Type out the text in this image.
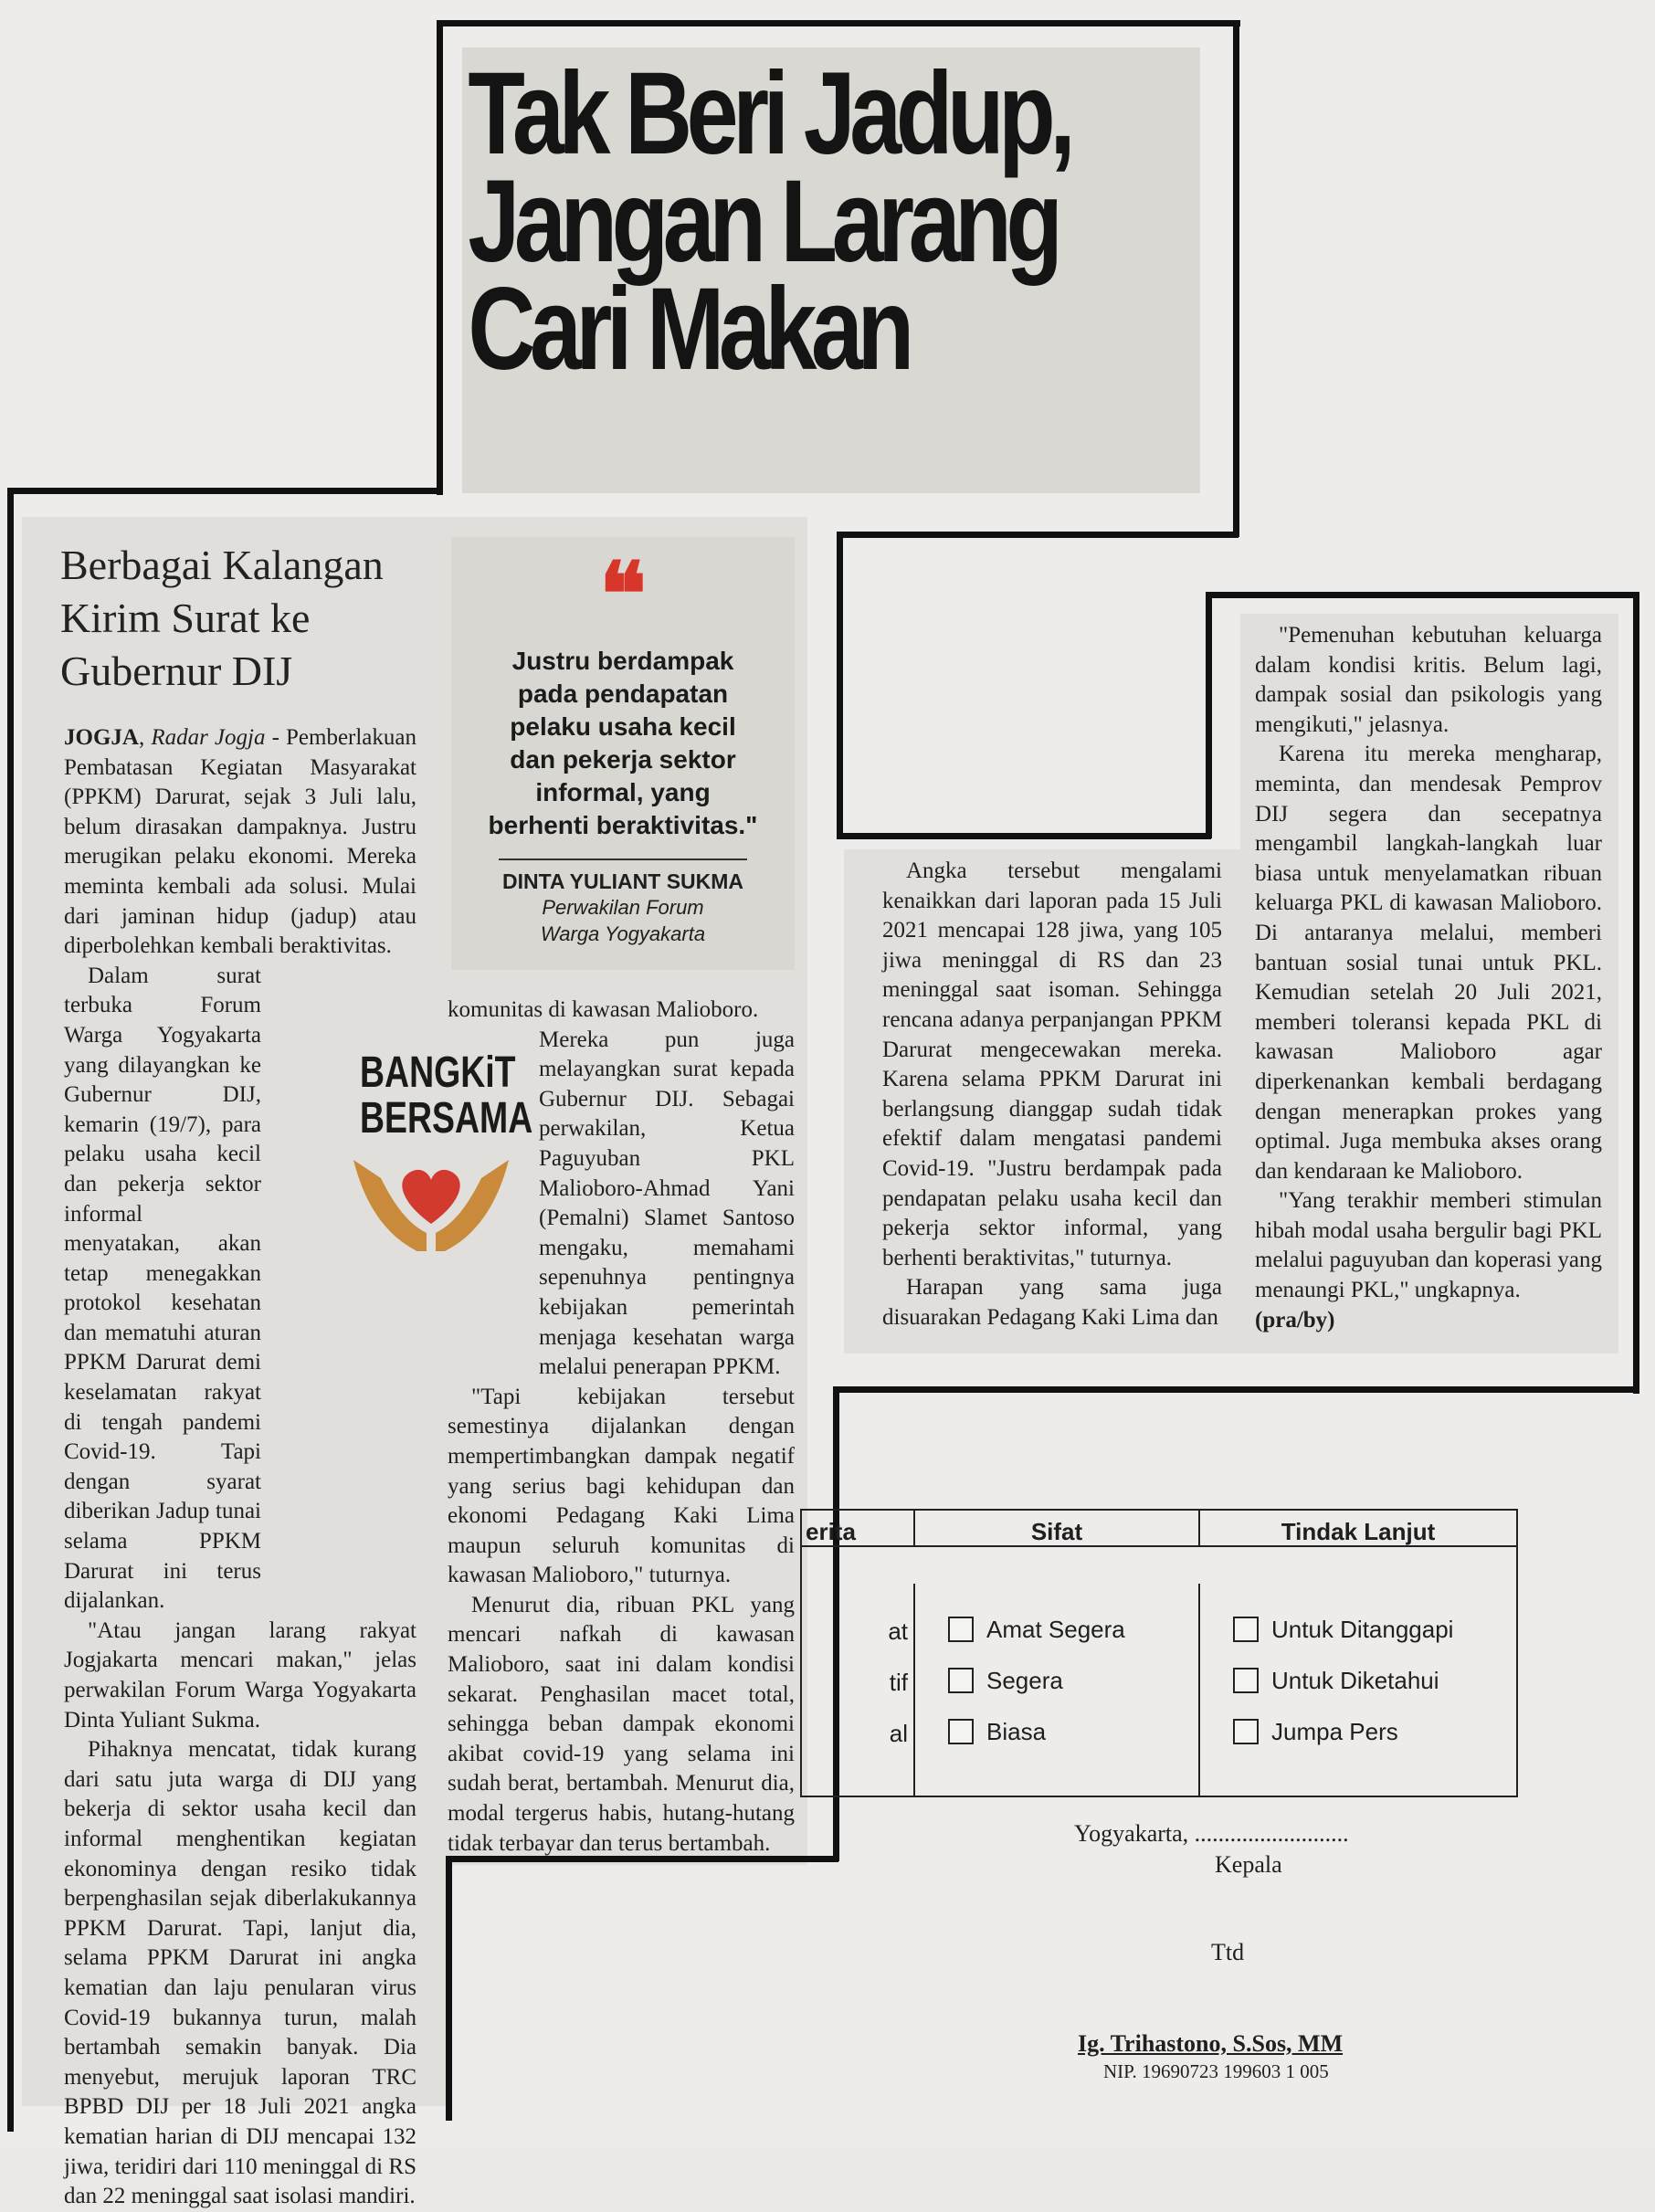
Tak Beri Jadup,
Jangan Larang
Cari Makan
Berbagai Kalangan Kirim Surat ke Gubernur DIJ
❝
Justru berdampak pada pendapatan pelaku usaha kecil dan pekerja sektor informal, yang berhenti beraktivitas."
DINTA YULIANT SUKMA
Perwakilan Forum
Warga Yogyakarta
BANGKiT
BERSAMA

JOGJA, Radar Jogja - Pemberlakuan Pembatasan Kegiatan Masyarakat (PPKM) Darurat, sejak 3 Juli lalu, belum dirasakan dampaknya. Justru merugikan pelaku ekonomi. Mereka meminta kembali ada solusi. Mulai dari jaminan hidup (jadup) atau diperbolehkan kembali beraktivitas.

Dalam surat terbuka Forum Warga Yogyakarta yang dilayangkan ke Gubernur DIJ, kemarin (19/7), para pelaku usaha kecil dan pekerja sektor informal menyatakan, akan tetap menegakkan protokol kesehatan dan mematuhi aturan PPKM Darurat demi keselamatan rakyat di tengah pandemi Covid-19. Tapi dengan syarat diberikan Jadup tunai selama PPKM Darurat ini terus dijalankan.

"Atau jangan larang rakyat Jogjakarta mencari makan," jelas perwakilan Forum Warga Yogyakarta Dinta Yuliant Sukma.

Pihaknya mencatat, tidak kurang dari satu juta warga di DIJ yang bekerja di sektor usaha kecil dan informal menghentikan kegiatan ekonominya dengan resiko tidak berpenghasilan sejak diberlakukannya PPKM Darurat. Tapi, lanjut dia, selama PPKM Darurat ini angka kematian dan laju penularan virus Covid-19 bukannya turun, malah bertambah semakin banyak. Dia menyebut, merujuk laporan TRC BPBD DIJ per 18 Juli 2021 angka kematian harian di DIJ mencapai 132 jiwa, teridiri dari 110 meninggal di RS dan 22 meninggal saat isolasi mandiri.

komunitas di kawasan Malioboro.

Mereka pun juga melayangkan surat kepada Gubernur DIJ. Sebagai perwakilan, Ketua Paguyuban PKL Malioboro-Ahmad Yani (Pemalni) Slamet Santoso mengaku, memahami sepenuhnya pentingnya kebijakan pemerintah menjaga kesehatan warga melalui penerapan PPKM.

"Tapi kebijakan tersebut semestinya dijalankan dengan mempertimbangkan dampak negatif yang serius bagi kehidupan dan ekonomi Pedagang Kaki Lima maupun seluruh komunitas di kawasan Malioboro," tuturnya.

Menurut dia, ribuan PKL yang mencari nafkah di kawasan Malioboro, saat ini dalam kondisi sekarat. Penghasilan macet total, sehingga beban dampak ekonomi akibat covid-19 yang selama ini sudah berat, bertambah. Menurut dia, modal tergerus habis, hutang-hutang tidak terbayar dan terus bertambah.

Angka tersebut mengalami kenaikkan dari laporan pada 15 Juli 2021 mencapai 128 jiwa, yang 105 jiwa meninggal di RS dan 23 meninggal saat isoman. Sehingga rencana adanya perpanjangan PPKM Darurat mengecewakan mereka. Karena selama PPKM Darurat ini berlangsung dianggap sudah tidak efektif dalam mengatasi pandemi Covid-19. "Justru berdampak pada pendapatan pelaku usaha kecil dan pekerja sektor informal, yang berhenti beraktivitas," tuturnya.

Harapan yang sama juga disuarakan Pedagang Kaki Lima dan

"Pemenuhan kebutuhan keluarga dalam kondisi kritis. Belum lagi, dampak sosial dan psikologis yang mengikuti," jelasnya.

Karena itu mereka mengharap, meminta, dan mendesak Pemprov DIJ segera dan secepatnya mengambil langkah-langkah luar biasa untuk menyelamatkan ribuan keluarga PKL di kawasan Malioboro. Di antaranya melalui, memberi bantuan sosial tunai untuk PKL. Kemudian setelah 20 Juli 2021, memberi toleransi kepada PKL di kawasan Malioboro agar diperkenankan kembali berdagang dengan menerapkan prokes yang optimal. Juga membuka akses orang dan kendaraan ke Malioboro.

"Yang terakhir memberi stimulan hibah modal usaha bergulir bagi PKL melalui paguyuban dan koperasi yang menaungi PKL," ungkapnya.

(pra/by)

erita	Sifat	Tindak Lanjut
at
tif
al
Amat Segera
Segera
Biasa
Untuk Ditanggapi
Untuk Diketahui
Jumpa Pers
Yogyakarta, ..........................
Kepala
Ttd
Ig. Trihastono, S.Sos, MM
NIP. 19690723 199603 1 005
